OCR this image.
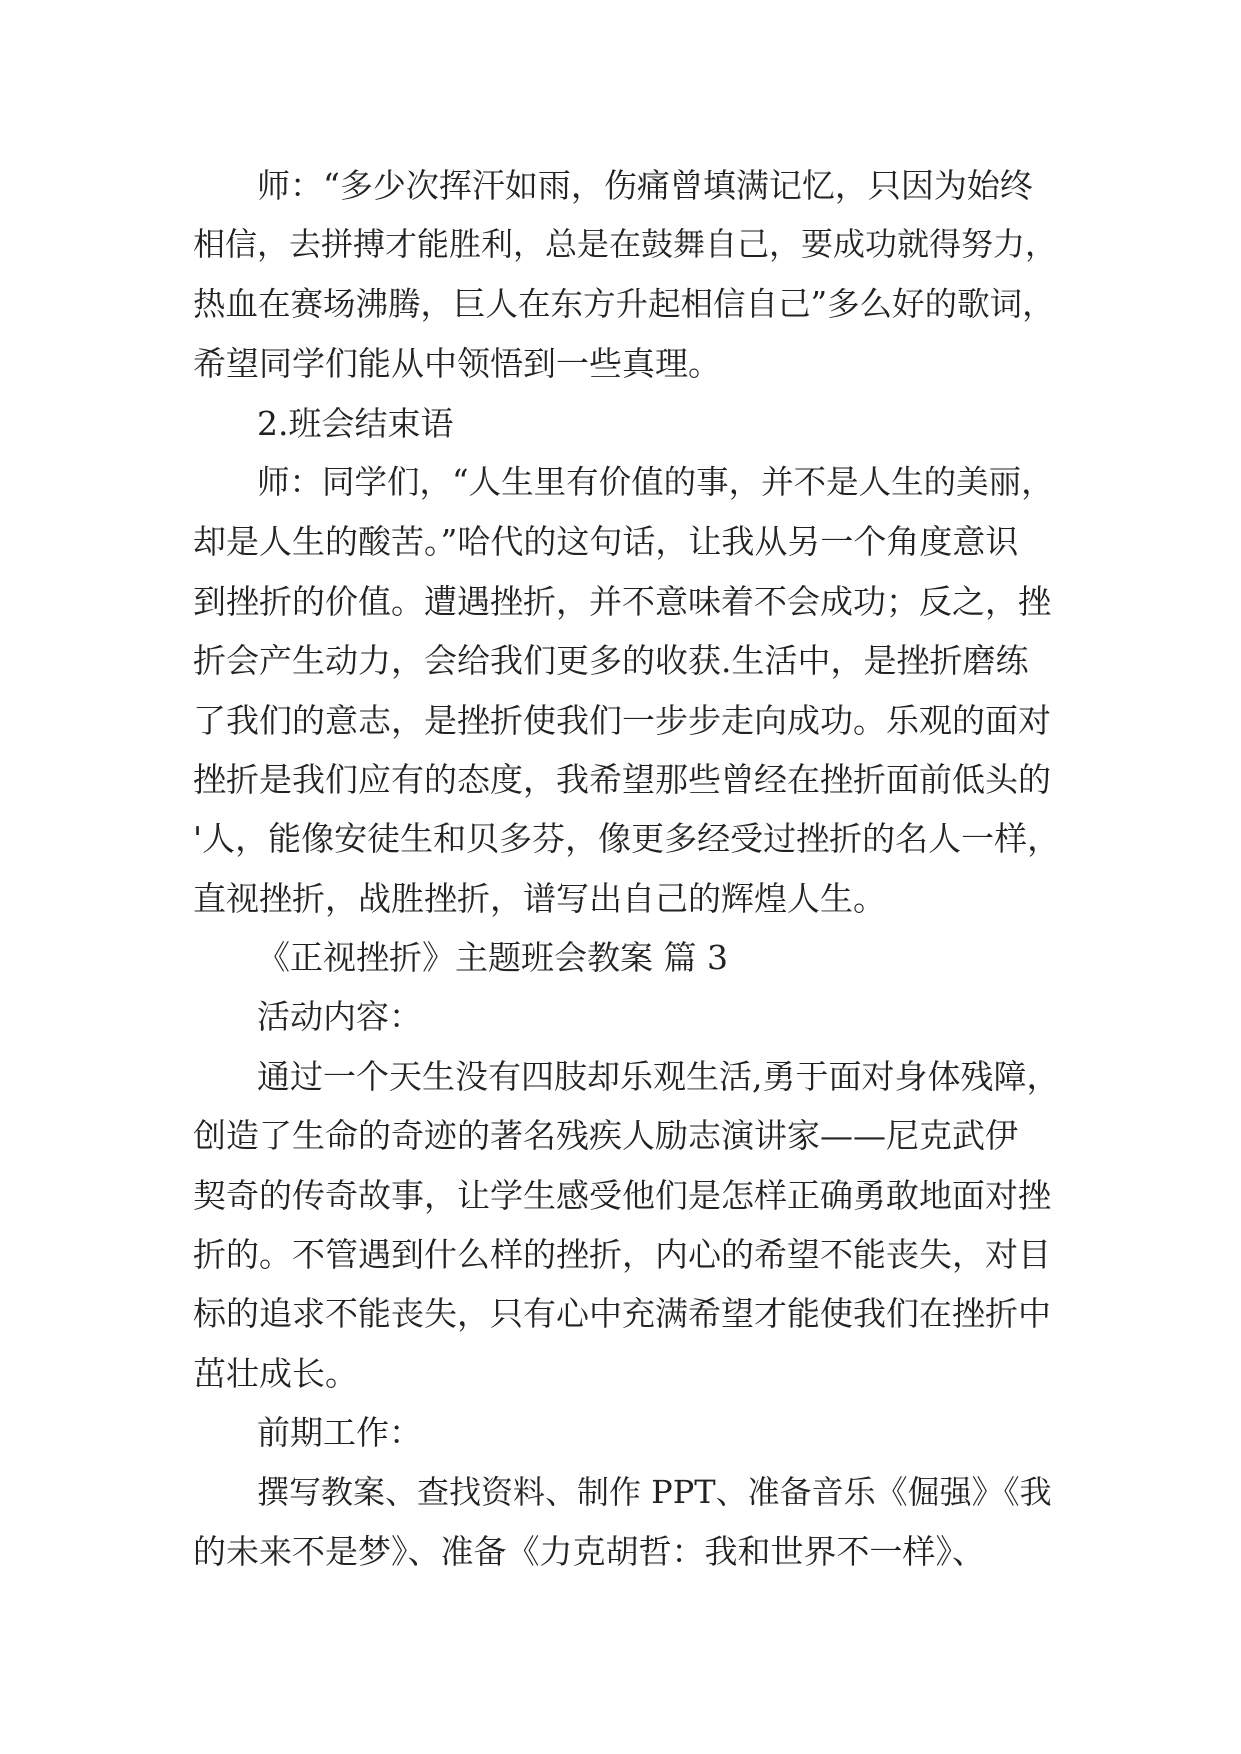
师：“多少次挥汗如雨，伤痛曾填满记忆，只因为始终
相信，去拼搏才能胜利，总是在鼓舞自己，要成功就得努力，
热血在赛场沸腾，巨人在东方升起相信自己”多么好的歌词，
希望同学们能从中领悟到一些真理。
2.班会结束语
师：同学们，“人生里有价值的事，并不是人生的美丽，
却是人生的酸苦。”哈代的这句话，让我从另一个角度意识
到挫折的价值。遭遇挫折，并不意味着不会成功；反之，挫
折会产生动力，会给我们更多的收获.生活中，是挫折磨练
了我们的意志，是挫折使我们一步步走向成功。乐观的面对
挫折是我们应有的态度，我希望那些曾经在挫折面前低头的
'人，能像安徒生和贝多芬，像更多经受过挫折的名人一样，
直视挫折，战胜挫折，谱写出自己的辉煌人生。
《正视挫折》主题班会教案 篇 3
活动内容：
通过一个天生没有四肢却乐观生活,勇于面对身体残障，
创造了生命的奇迹的著名残疾人励志演讲家——尼克武伊
契奇的传奇故事，让学生感受他们是怎样正确勇敢地面对挫
折的。不管遇到什么样的挫折，内心的希望不能丧失，对目
标的追求不能丧失，只有心中充满希望才能使我们在挫折中
茁壮成长。
前期工作：
撰写教案、查找资料、制作 PPT、准备音乐《倔强》《我
的未来不是梦》、准备《力克胡哲：我和世界不一样》、
